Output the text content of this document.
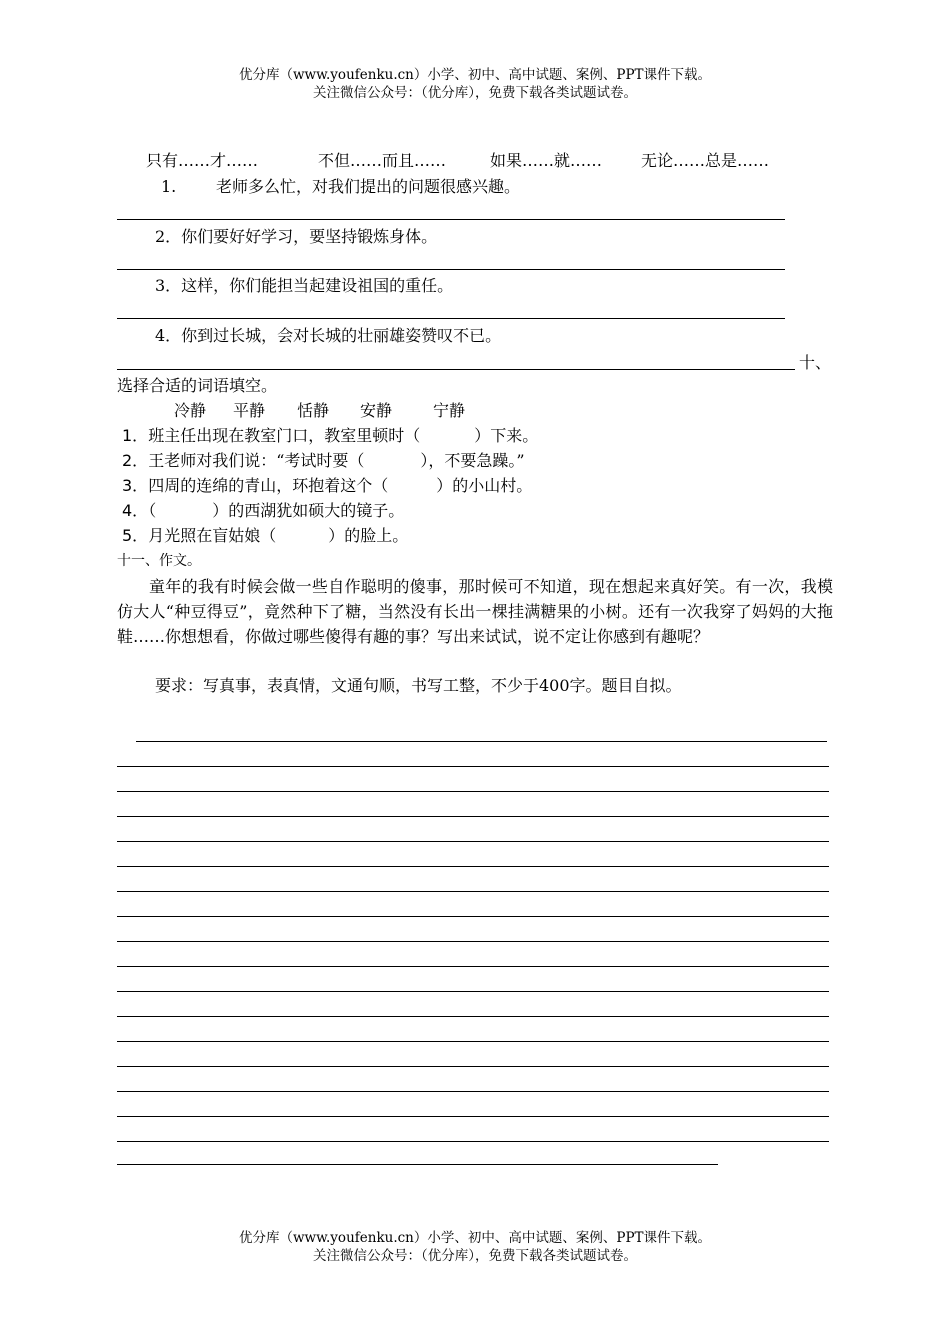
优分库（www.youfenku.cn）小学、初中、高中试题、案例、PPT课件下载。
关注微信公众号：（优分库），免费下载各类试题试卷。
只有……才……	不但……而且……	如果……就…… 无论……总是……
1. 老师多么忙，对我们提出的问题很感兴趣。
2．你们要好好学习，要坚持锻炼身体。
3．这样，你们能担当起建设祖国的重任。
4．你到过长城，会对长城的壮丽雄姿赞叹不已。
十、
选择合适的词语填空。
冷静 平静 恬静 安静	宁静
1．班主任出现在教室门口，教室里顿时（	）下来。
2．王老师对我们说：“考试时要（	），不要急躁。”
3．四周的连绵的青山，环抱着这个（	）的小山村。
4．（	）的西湖犹如硕大的镜子。
5．月光照在盲姑娘（	）的脸上。
十一、作文。
童年的我有时候会做一些自作聪明的傻事，那时候可不知道，现在想起来真好笑。有一次，我模仿大人“种豆得豆”，竟然种下了糖，当然没有长出一棵挂满糖果的小树。还有一次我穿了妈妈的大拖鞋……你想想看，你做过哪些傻得有趣的事？写出来试试，说不定让你感到有趣呢？
要求：写真事，表真情，文通句顺，书写工整，不少于400字。题目自拟。
优分库（www.youfenku.cn）小学、初中、高中试题、案例、PPT课件下载。
关注微信公众号：（优分库），免费下载各类试题试卷。
